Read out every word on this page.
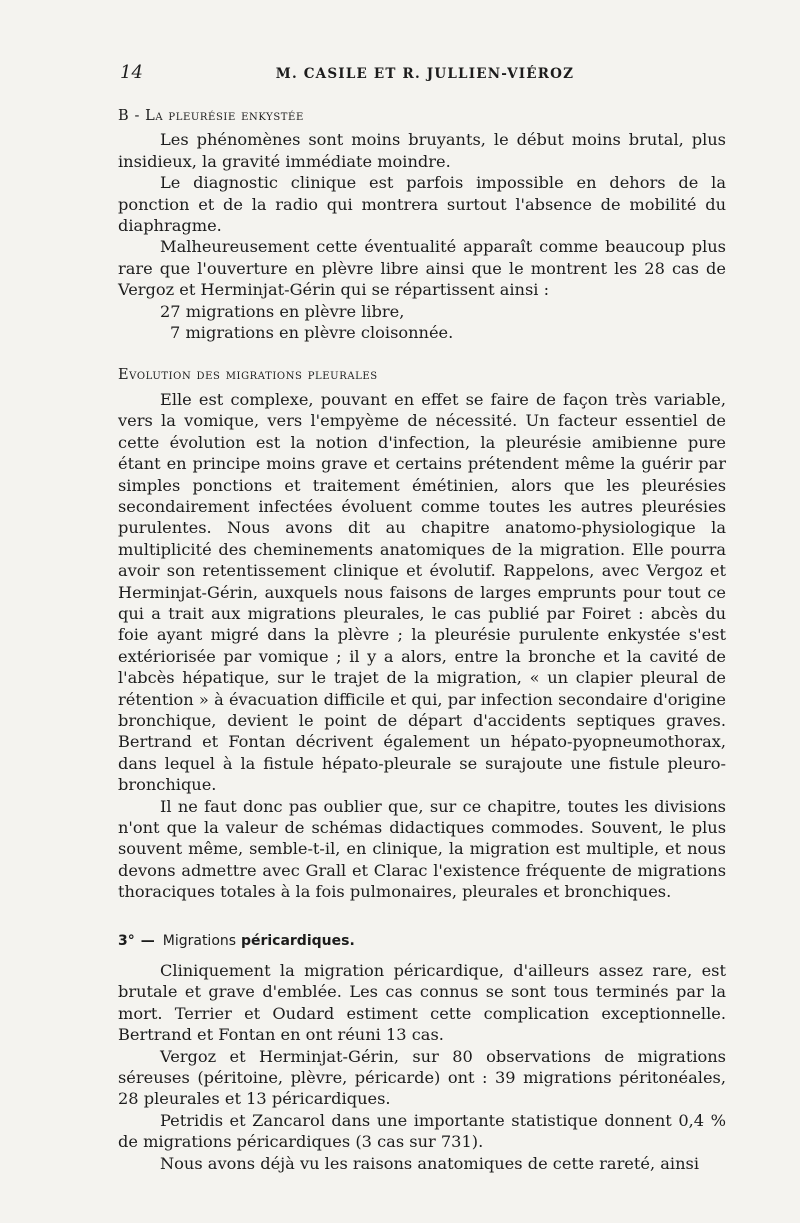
14	M. CASILE ET R. JULLIEN-VIÉROZ
B - La pleurésie enkystée

Les phénomènes sont moins bruyants, le début moins brutal, plus insidieux, la gravité immédiate moindre.

Le diagnostic clinique est parfois impossible en dehors de la ponction et de la radio qui montrera surtout l'absence de mobilité du diaphragme.

Malheureusement cette éventualité apparaît comme beaucoup plus rare que l'ouverture en plèvre libre ainsi que le montrent les 28 cas de Vergoz et Herminjat-Gérin qui se répartissent ainsi :

27 migrations en plèvre libre,

7 migrations en plèvre cloisonnée.

Evolution des migrations pleurales

Elle est complexe, pouvant en effet se faire de façon très variable, vers la vomique, vers l'empyème de nécessité. Un facteur essentiel de cette évolution est la notion d'infection, la pleurésie amibienne pure étant en principe moins grave et certains prétendent même la guérir par simples ponctions et traitement émétinien, alors que les pleurésies secondairement infectées évoluent comme toutes les autres pleurésies purulentes. Nous avons dit au chapitre anatomo-physiologique la multiplicité des cheminements anatomiques de la migration. Elle pourra avoir son retentissement clinique et évolutif. Rappelons, avec Vergoz et Herminjat-Gérin, auxquels nous faisons de larges emprunts pour tout ce qui a trait aux migrations pleurales, le cas publié par Foiret : abcès du foie ayant migré dans la plèvre ; la pleurésie purulente enkystée s'est extériorisée par vomique ; il y a alors, entre la bronche et la cavité de l'abcès hépatique, sur le trajet de la migration, « un clapier pleural de rétention » à évacuation difficile et qui, par infection secondaire d'origine bronchique, devient le point de départ d'accidents septiques graves. Bertrand et Fontan décrivent également un hépato-pyopneumothorax, dans lequel à la fistule hépato-pleurale se surajoute une fistule pleuro-bronchique.

Il ne faut donc pas oublier que, sur ce chapitre, toutes les divisions n'ont que la valeur de schémas didactiques commodes. Souvent, le plus souvent même, semble-t-il, en clinique, la migration est multiple, et nous devons admettre avec Grall et Clarac l'existence fréquente de migrations thoraciques totales à la fois pulmonaires, pleurales et bronchiques.

3° — Migrations péricardiques.

Cliniquement la migration péricardique, d'ailleurs assez rare, est brutale et grave d'emblée. Les cas connus se sont tous terminés par la mort. Terrier et Oudard estiment cette complication exceptionnelle. Bertrand et Fontan en ont réuni 13 cas.

Vergoz et Herminjat-Gérin, sur 80 observations de migrations séreuses (péritoine, plèvre, péricarde) ont : 39 migrations péritonéales, 28 pleurales et 13 péricardiques.

Petridis et Zancarol dans une importante statistique donnent 0,4 % de migrations péricardiques (3 cas sur 731).

Nous avons déjà vu les raisons anatomiques de cette rareté, ainsi
